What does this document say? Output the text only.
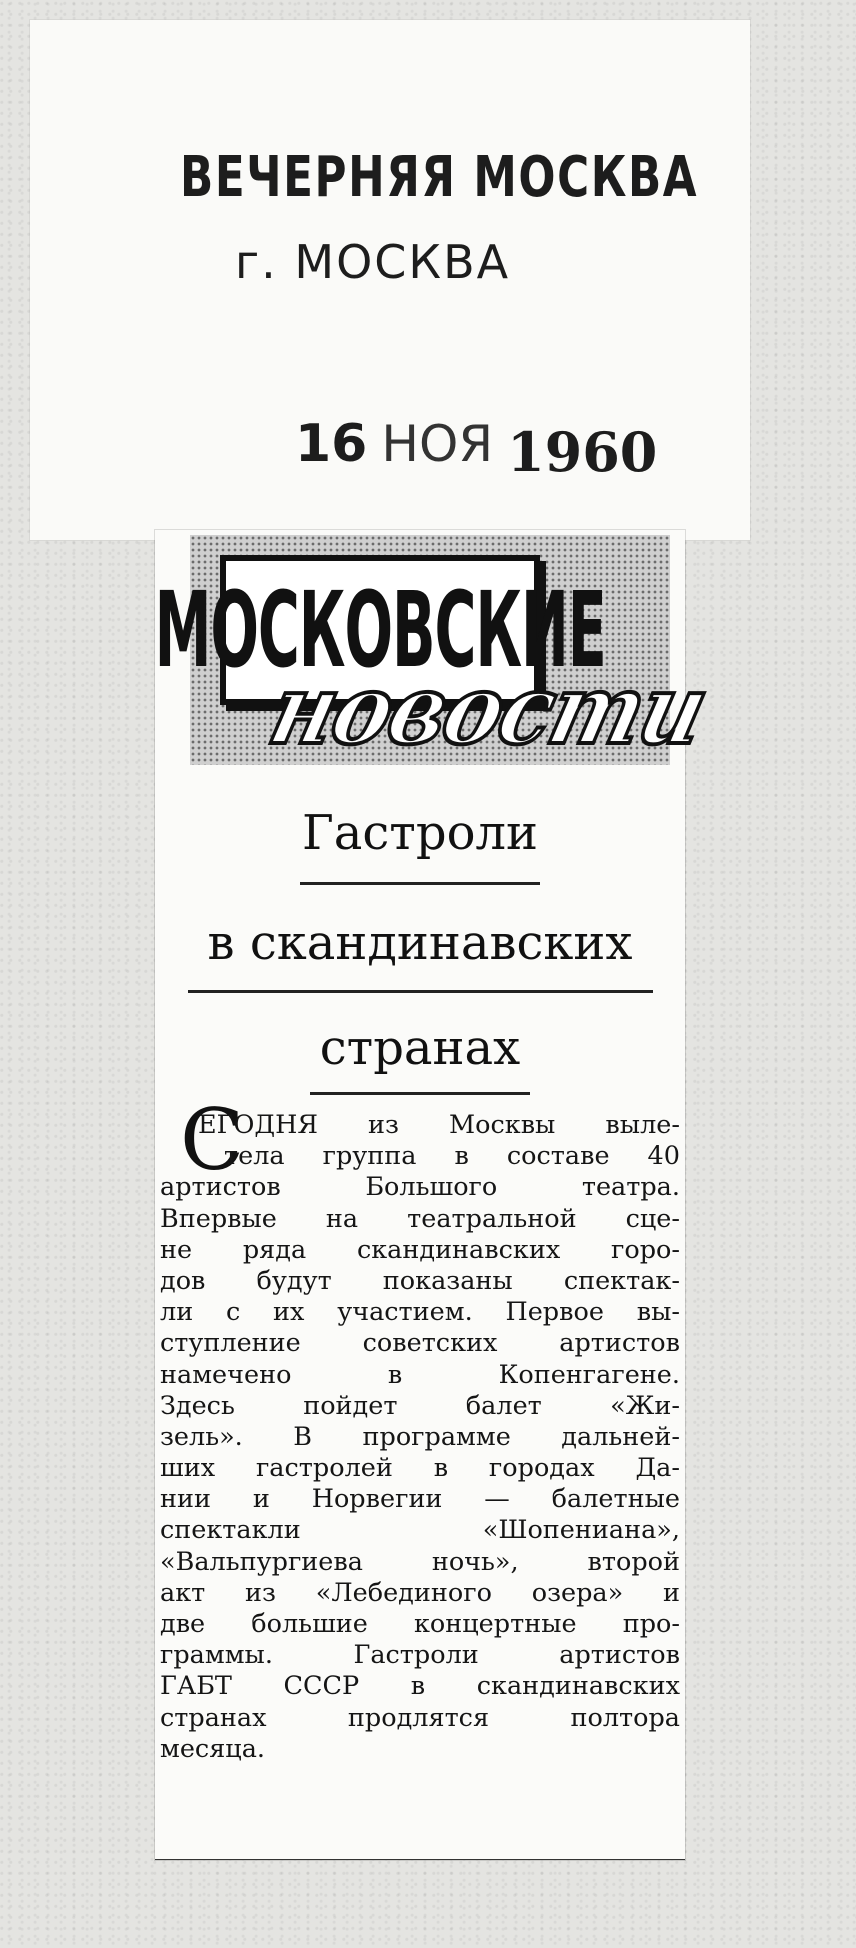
ВЕЧЕРНЯЯ МОСКВА
г. МОСКВА
16 НОЯ 1960
МОСКОВСКИЕ
новости
Гастроли
в скандинавских
странах
С
ЕГОДНЯ из Москвы выле-
тела группа в составе 40
артистов Большого театра.
Впервые на театральной сце-
не ряда скандинавских горо-
дов будут показаны спектак-
ли с их участием. Первое вы-
ступление советских артистов
намечено в Копенгагене.
Здесь пойдет балет «Жи-
зель». В программе дальней-
ших гастролей в городах Да-
нии и Норвегии — балетные
спектакли «Шопениана»,
«Вальпургиева ночь», второй
акт из «Лебединого озера» и
две большие концертные про-
граммы. Гастроли артистов
ГАБТ СССР в скандинавских
странах продлятся полтора
месяца.
